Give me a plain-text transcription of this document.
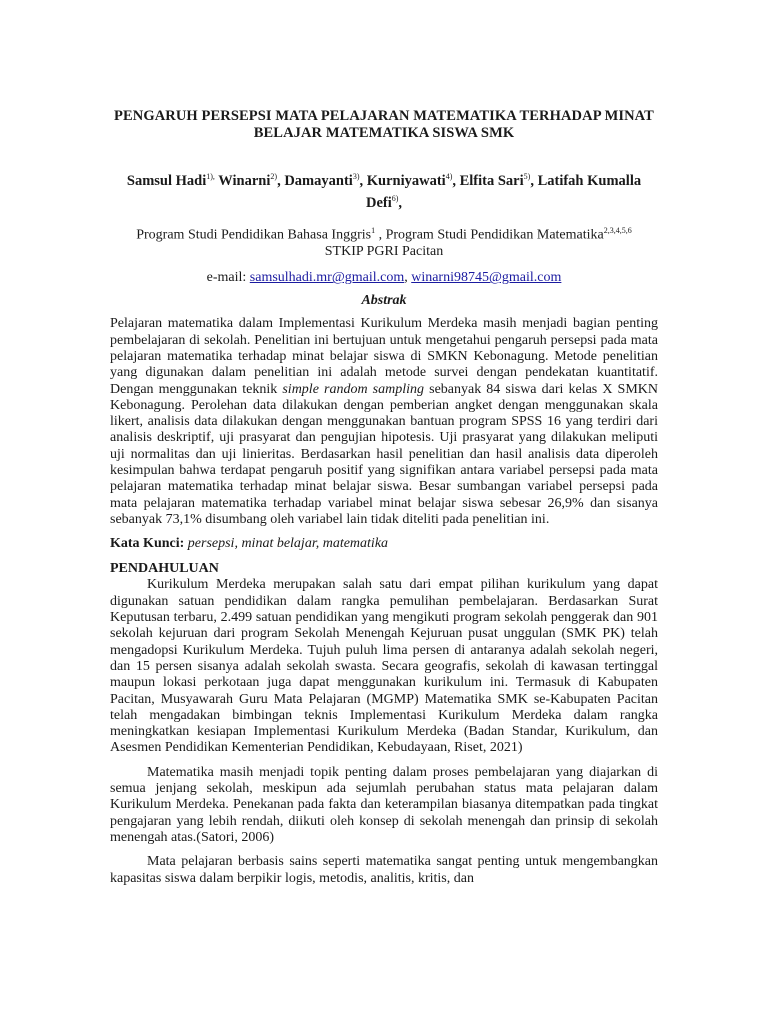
PENGARUH PERSEPSI MATA PELAJARAN MATEMATIKA TERHADAP MINAT
BELAJAR MATEMATIKA SISWA SMK
Samsul Hadi$^{1),}$ Winarni$^{2)}$, Damayanti$^{3)}$, Kurniyawati$^{4)}$, Elfita Sari$^{5)}$, Latifah Kumalla Defi$^{6)}$,
Program Studi Pendidikan Bahasa Inggris$^1$ , Program Studi Pendidikan Matematika$^{2,3,4,5,6}$
STKIP PGRI Pacitan
e-mail: samsulhadi.mr@gmail.com, winarni98745@gmail.com
Abstrak

Pelajaran matematika dalam Implementasi Kurikulum Merdeka masih menjadi bagian penting pembelajaran di sekolah. Penelitian ini bertujuan untuk mengetahui pengaruh persepsi pada mata pelajaran matematika terhadap minat belajar siswa di SMKN Kebonagung. Metode penelitian yang digunakan dalam penelitian ini adalah metode survei dengan pendekatan kuantitatif. Dengan menggunakan teknik simple random sampling sebanyak 84 siswa dari kelas X SMKN Kebonagung. Perolehan data dilakukan dengan pemberian angket dengan menggunakan skala likert, analisis data dilakukan dengan menggunakan bantuan program SPSS 16 yang terdiri dari analisis deskriptif, uji prasyarat dan pengujian hipotesis. Uji prasyarat yang dilakukan meliputi uji normalitas dan uji linieritas. Berdasarkan hasil penelitian dan hasil analisis data diperoleh kesimpulan bahwa terdapat pengaruh positif yang signifikan antara variabel persepsi pada mata pelajaran matematika terhadap minat belajar siswa. Besar sumbangan variabel persepsi pada mata pelajaran matematika terhadap variabel minat belajar siswa sebesar 26,9% dan sisanya sebanyak 73,1% disumbang oleh variabel lain tidak diteliti pada penelitian ini.

Kata Kunci: persepsi, minat belajar, matematika
PENDAHULUAN

Kurikulum Merdeka merupakan salah satu dari empat pilihan kurikulum yang dapat digunakan satuan pendidikan dalam rangka pemulihan pembelajaran. Berdasarkan Surat Keputusan terbaru, 2.499 satuan pendidikan yang mengikuti program sekolah penggerak dan 901 sekolah kejuruan dari program Sekolah Menengah Kejuruan pusat unggulan (SMK PK) telah mengadopsi Kurikulum Merdeka. Tujuh puluh lima persen di antaranya adalah sekolah negeri, dan 15 persen sisanya adalah sekolah swasta. Secara geografis, sekolah di kawasan tertinggal maupun lokasi perkotaan juga dapat menggunakan kurikulum ini. Termasuk di Kabupaten Pacitan, Musyawarah Guru Mata Pelajaran (MGMP) Matematika SMK se-Kabupaten Pacitan telah mengadakan bimbingan teknis Implementasi Kurikulum Merdeka dalam rangka meningkatkan kesiapan Implementasi Kurikulum Merdeka (Badan Standar, Kurikulum, dan Asesmen Pendidikan Kementerian Pendidikan, Kebudayaan, Riset, 2021)

Matematika masih menjadi topik penting dalam proses pembelajaran yang diajarkan di semua jenjang sekolah, meskipun ada sejumlah perubahan status mata pelajaran dalam Kurikulum Merdeka. Penekanan pada fakta dan keterampilan biasanya ditempatkan pada tingkat pengajaran yang lebih rendah, diikuti oleh konsep di sekolah menengah dan prinsip di sekolah menengah atas.(Satori, 2006)

Mata pelajaran berbasis sains seperti matematika sangat penting untuk mengembangkan kapasitas siswa dalam berpikir logis, metodis, analitis, kritis, dan
